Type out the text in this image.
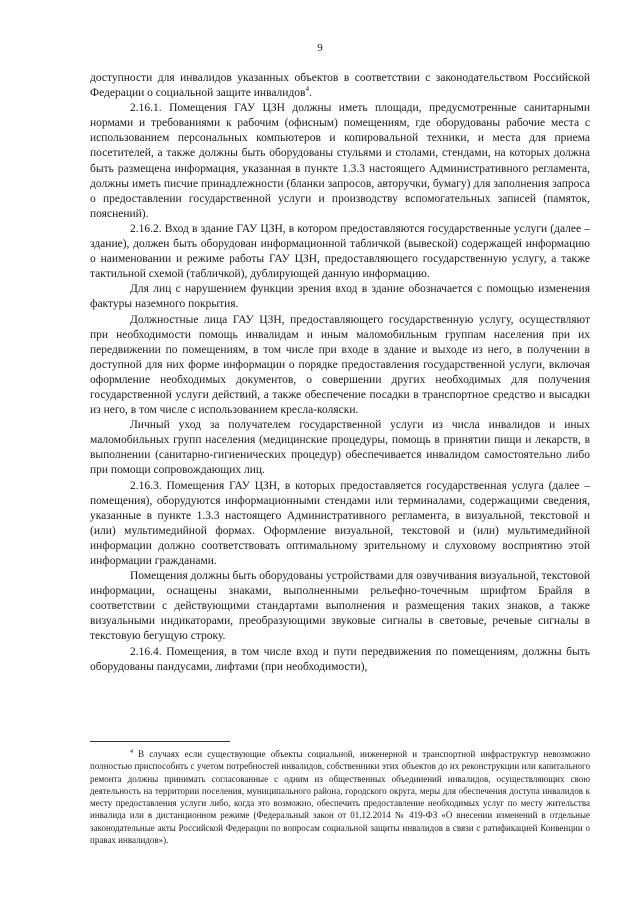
9

доступности для инвалидов указанных объектов в соответствии с законодательством Российской Федерации о социальной защите инвалидов$^4$.

2.16.1. Помещения ГАУ ЦЗН должны иметь площади, предусмотренные санитарными нормами и требованиями к рабочим (офисным) помещениям, где оборудованы рабочие места с использованием персональных компьютеров и копировальной техники, и места для приема посетителей, а также должны быть оборудованы стульями и столами, стендами, на которых должна быть размещена информация, указанная в пункте 1.3.3 настоящего Административного регламента, должны иметь писчие принадлежности (бланки запросов, авторучки, бумагу) для заполнения запроса о предоставлении государственной услуги и производству вспомогательных записей (памяток, пояснений).

2.16.2. Вход в здание ГАУ ЦЗН, в котором предоставляются государственные услуги (далее – здание), должен быть оборудован информационной табличкой (вывеской) содержащей информацию о наименовании и режиме работы ГАУ ЦЗН, предоставляющего государственную услугу, а также тактильной схемой (табличкой), дублирующей данную информацию.

Для лиц с нарушением функции зрения вход в здание обозначается с помощью изменения фактуры наземного покрытия.

Должностные лица ГАУ ЦЗН, предоставляющего государственную услугу, осуществляют при необходимости помощь инвалидам и иным маломобильным группам населения при их передвижении по помещениям, в том числе при входе в здание и выходе из него, в получении в доступной для них форме информации о порядке предоставления государственной услуги, включая оформление необходимых документов, о совершении других необходимых для получения государственной услуги действий, а также обеспечение посадки в транспортное средство и высадки из него, в том числе с использованием кресла-коляски.

Личный уход за получателем государственной услуги из числа инвалидов и иных маломобильных групп населения (медицинские процедуры, помощь в принятии пищи и лекарств, в выполнении (санитарно-гигиенических процедур) обеспечивается инвалидом самостоятельно либо при помощи сопровождающих лиц.

2.16.3. Помещения ГАУ ЦЗН, в которых предоставляется государственная услуга (далее – помещения), оборудуются информационными стендами или терминалами, содержащими сведения, указанные в пункте 1.3.3 настоящего Административного регламента, в визуальной, текстовой и (или) мультимедийной формах. Оформление визуальной, текстовой и (или) мультимедийной информации должно соответствовать оптимальному зрительному и слуховому восприятию этой информации гражданами.

Помещения должны быть оборудованы устройствами для озвучивания визуальной, текстовой информации, оснащены знаками, выполненными рельефно-точечным шрифтом Брайля в соответствии с действующими стандартами выполнения и размещения таких знаков, а также визуальными индикаторами, преобразующими звуковые сигналы в световые, речевые сигналы в текстовую бегущую строку.

2.16.4. Помещения, в том числе вход и пути передвижения по помещениям, должны быть оборудованы пандусами, лифтами (при необходимости),

$^4$ В случаях если существующие объекты социальной, инженерной и транспортной инфраструктур невозможно полностью приспособить с учетом потребностей инвалидов, собственники этих объектов до их реконструкции или капитального ремонта должны принимать согласованные с одним из общественных объединений инвалидов, осуществляющих свою деятельность на территории поселения, муниципального района, городского округа, меры для обеспечения доступа инвалидов к месту предоставления услуги либо, когда это возможно, обеспечить предоставление необходимых услуг по месту жительства инвалида или в дистанционном режиме (Федеральный закон от 01.12.2014 № 419-ФЗ «О внесении изменений в отдельные законодательные акты Российской Федерации по вопросам социальной защиты инвалидов в связи с ратификацией Конвенции о правах инвалидов»).
